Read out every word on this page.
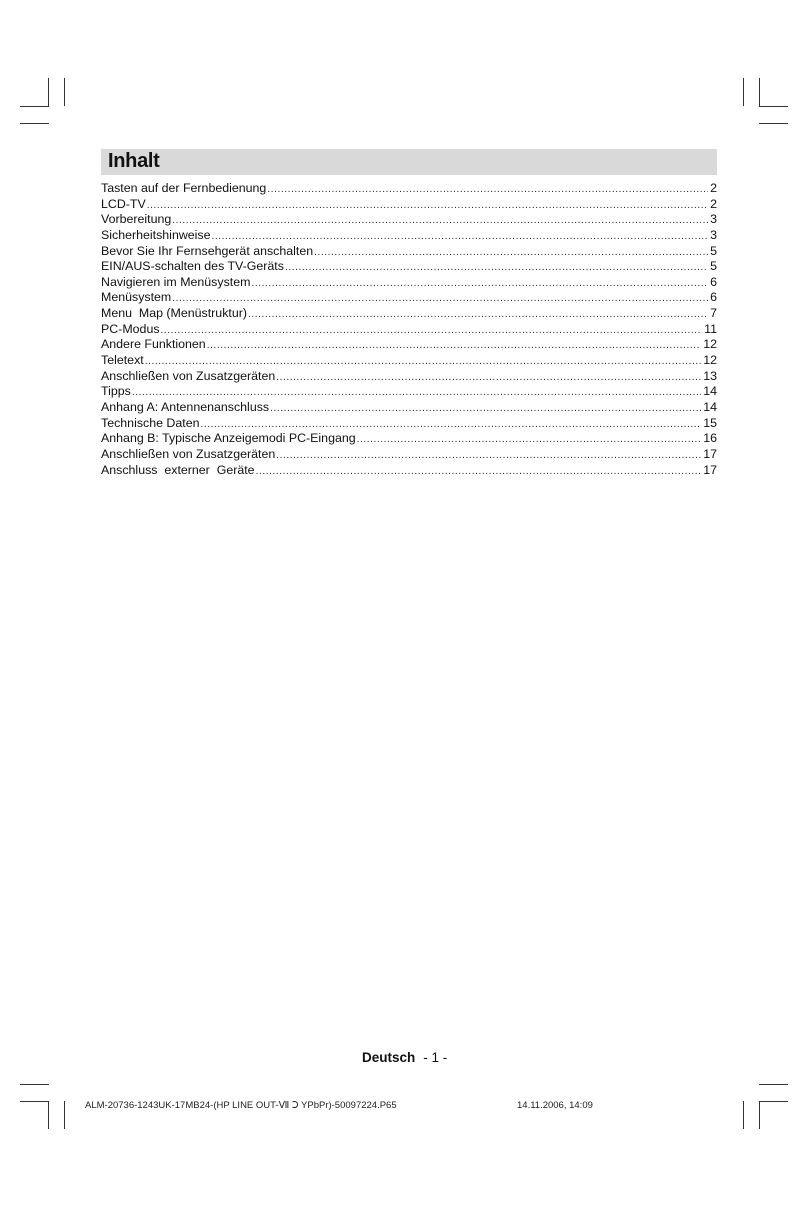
Inhalt
Tasten auf der Fernbedienung .....	2
LCD-TV .....	2
Vorbereitung .....	3
Sicherheitshinweise .....	3
Bevor Sie Ihr Fernsehgerät anschalten .....	5
EIN/AUS-schalten des TV-Geräts .....	5
Navigieren im Menüsystem .....	6
Menüsystem .....	6
Menu  Map (Menüstruktur) .....	7
PC-Modus .....	11
Andere Funktionen .....	12
Teletext .....	12
Anschließen von Zusatzgeräten .....	13
Tipps .....	14
Anhang A: Antennenanschluss .....	14
Technische Daten .....	15
Anhang B: Typische Anzeigemodi PC-Eingang .....	16
Anschließen von Zusatzgeräten .....	17
Anschluss  externer  Geräte .....	17
Deutsch - 1 -
ALM-20736-1243UK-17MB24-(HP LINE OUT-Ⅶ Ↄ YPbPr)-50097224.P65	14.11.2006, 14:09
